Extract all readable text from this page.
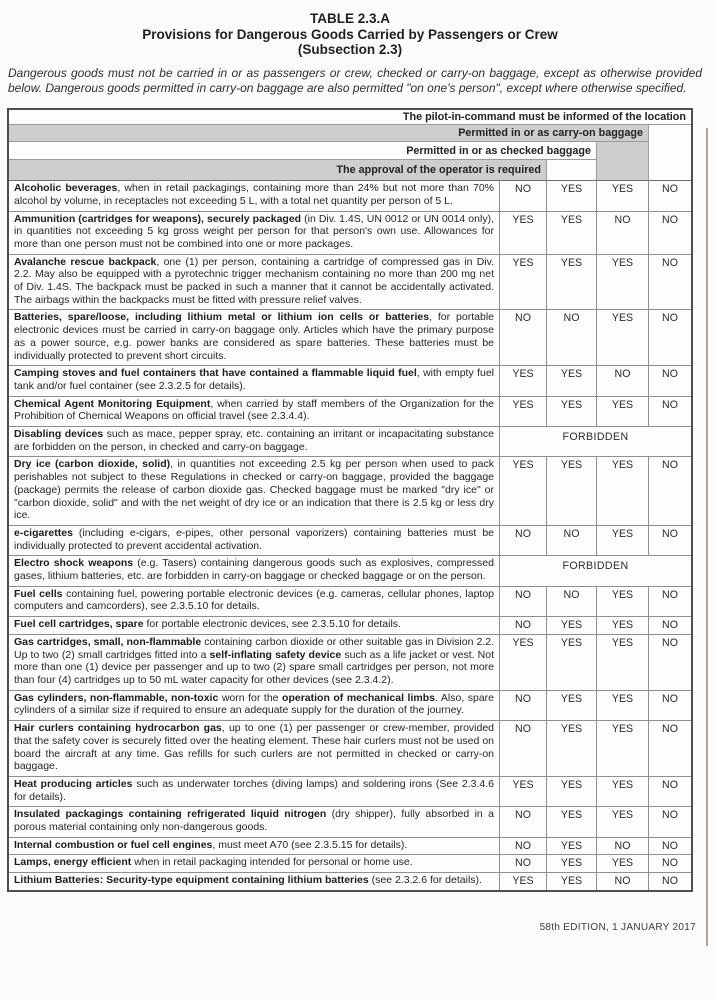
TABLE 2.3.A
Provisions for Dangerous Goods Carried by Passengers or Crew
(Subsection 2.3)

Dangerous goods must not be carried in or as passengers or crew, checked or carry-on baggage, except as otherwise provided below. Dangerous goods permitted in carry-on baggage are also permitted "on one's person", except where otherwise specified.

The pilot-in-command must be informed of the location
Permitted in or as carry-on baggage
Permitted in or as checked baggage
The approval of the operator is required
Alcoholic beverages, when in retail packagings, containing more than 24% but not more than 70% alcohol by volume, in receptacles not exceeding 5 L, with a total net quantity per person of 5 L.
NO	YES	YES	NO
Ammunition (cartridges for weapons), securely packaged (in Div. 1.4S, UN 0012 or UN 0014 only), in quantities not exceeding 5 kg gross weight per person for that person's own use. Allowances for more than one person must not be combined into one or more packages.
YES	YES	NO	NO
Avalanche rescue backpack, one (1) per person, containing a cartridge of compressed gas in Div. 2.2. May also be equipped with a pyrotechnic trigger mechanism containing no more than 200 mg net of Div. 1.4S. The backpack must be packed in such a manner that it cannot be accidentally activated. The airbags within the backpacks must be fitted with pressure relief valves.
YES	YES	YES	NO
Batteries, spare/loose, including lithium metal or lithium ion cells or batteries, for portable electronic devices must be carried in carry-on baggage only. Articles which have the primary purpose as a power source, e.g. power banks are considered as spare batteries. These batteries must be individually protected to prevent short circuits.
NO	NO	YES	NO
Camping stoves and fuel containers that have contained a flammable liquid fuel, with empty fuel tank and/or fuel container (see 2.3.2.5 for details).
YES	YES	NO	NO
Chemical Agent Monitoring Equipment, when carried by staff members of the Organization for the Prohibition of Chemical Weapons on official travel (see 2.3.4.4).
YES	YES	YES	NO
Disabling devices such as mace, pepper spray, etc. containing an irritant or incapacitating substance are forbidden on the person, in checked and carry-on baggage.
FORBIDDEN
Dry ice (carbon dioxide, solid), in quantities not exceeding 2.5 kg per person when used to pack perishables not subject to these Regulations in checked or carry-on baggage, provided the baggage (package) permits the release of carbon dioxide gas. Checked baggage must be marked "dry ice" or "carbon dioxide, solid" and with the net weight of dry ice or an indication that there is 2.5 kg or less dry ice.
YES	YES	YES	NO
e-cigarettes (including e-cigars, e-pipes, other personal vaporizers) containing batteries must be individually protected to prevent accidental activation.
NO	NO	YES	NO
Electro shock weapons (e.g. Tasers) containing dangerous goods such as explosives, compressed gases, lithium batteries, etc. are forbidden in carry-on baggage or checked baggage or on the person.
FORBIDDEN
Fuel cells containing fuel, powering portable electronic devices (e.g. cameras, cellular phones, laptop computers and camcorders), see 2.3.5.10 for details.
NO	NO	YES	NO
Fuel cell cartridges, spare for portable electronic devices, see 2.3.5.10 for details.	NO	YES	YES	NO
Gas cartridges, small, non-flammable containing carbon dioxide or other suitable gas in Division 2.2. Up to two (2) small cartridges fitted into a self-inflating safety device such as a life jacket or vest. Not more than one (1) device per passenger and up to two (2) spare small cartridges per person, not more than four (4) cartridges up to 50 mL water capacity for other devices (see 2.3.4.2).
YES	YES	YES	NO
Gas cylinders, non-flammable, non-toxic worn for the operation of mechanical limbs. Also, spare cylinders of a similar size if required to ensure an adequate supply for the duration of the journey.
NO	YES	YES	NO
Hair curlers containing hydrocarbon gas, up to one (1) per passenger or crew-member, provided that the safety cover is securely fitted over the heating element. These hair curlers must not be used on board the aircraft at any time. Gas refills for such curlers are not permitted in checked or carry-on baggage.
NO	YES	YES	NO
Heat producing articles such as underwater torches (diving lamps) and soldering irons (See 2.3.4.6 for details).
YES	YES	YES	NO
Insulated packagings containing refrigerated liquid nitrogen (dry shipper), fully absorbed in a porous material containing only non-dangerous goods.
NO	YES	YES	NO
Internal combustion or fuel cell engines, must meet A70 (see 2.3.5.15 for details).	NO	YES	NO	NO
Lamps, energy efficient when in retail packaging intended for personal or home use.	NO	YES	YES	NO
Lithium Batteries: Security-type equipment containing lithium batteries (see 2.3.2.6 for details).	YES	YES	NO	NO
58th EDITION, 1 JANUARY 2017
